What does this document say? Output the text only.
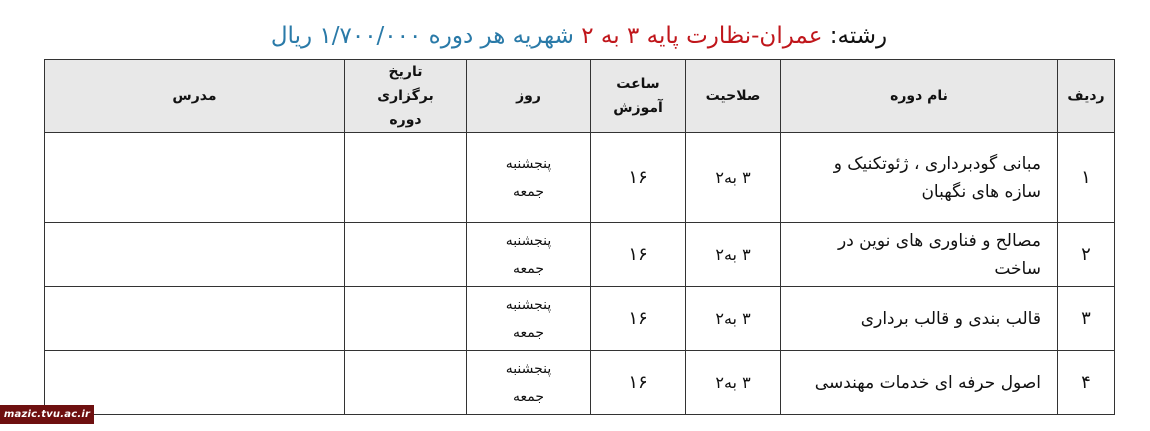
رشته: عمران-نظارت پایه ۳ به ۲ شهریه هر دوره ۱/۷۰۰/۰۰۰ ریال
ردیف	نام دوره	صلاحیت	ساعت آموزش	روز	تاریخ برگزاری دوره	مدرس
۱	مبانی گودبرداری ، ژئوتکنیک و سازه های نگهبان	۳ به۲	۱۶	پنجشنبه
جمعه		

۲	مصالح و فناوری های نوین در ساخت	۳ به۲	۱۶	پنجشنبه
جمعه		

۳	قالب بندی و قالب برداری	۳ به۲	۱۶	پنجشنبه
جمعه		

۴	اصول حرفه ای خدمات مهندسی	۳ به۲	۱۶	پنجشنبه
جمعه		

mazic.tvu.ac.ir
